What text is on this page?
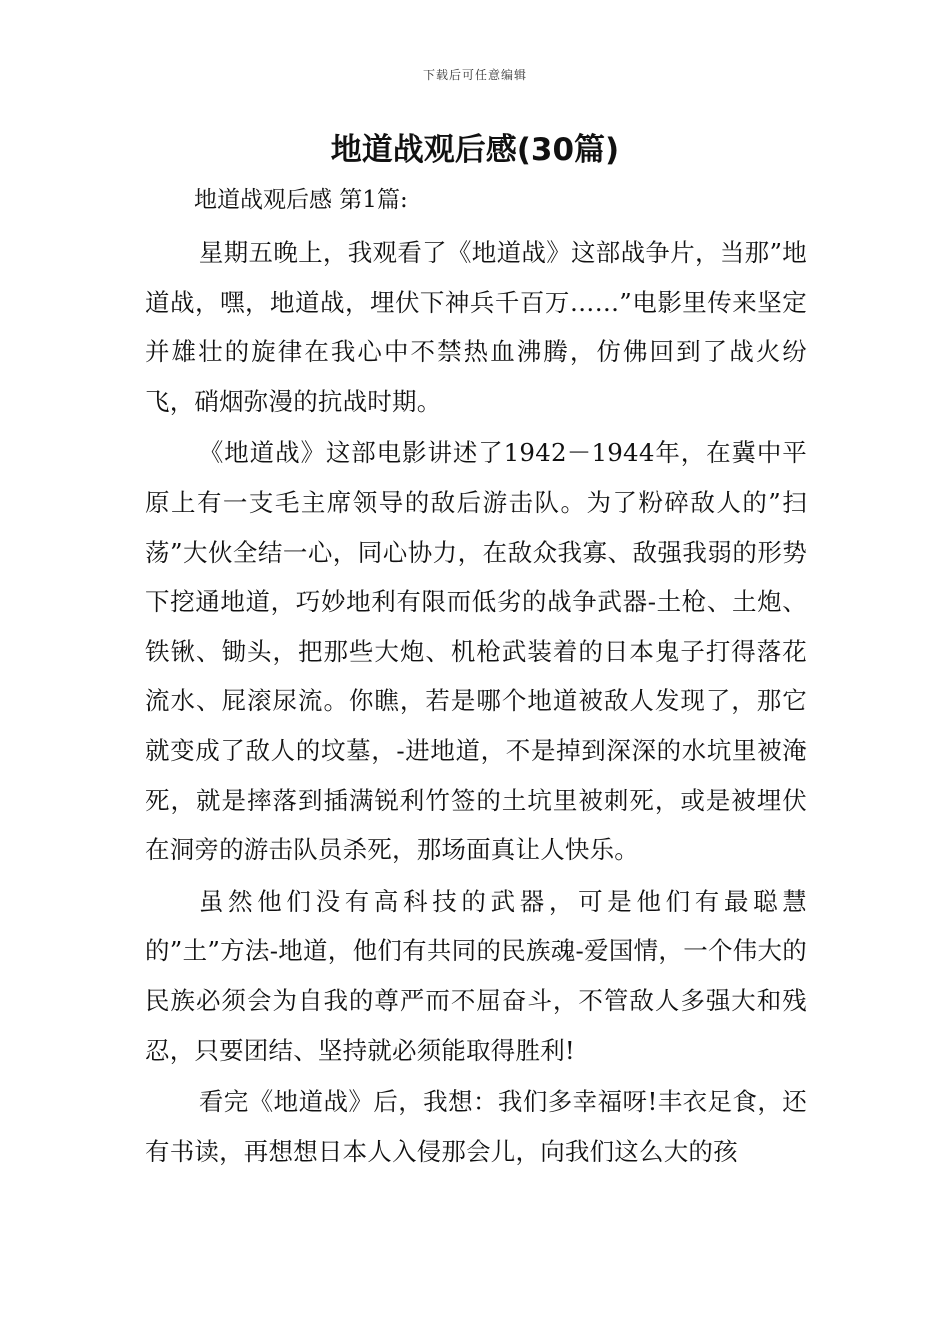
下载后可任意编辑
地道战观后感(30篇)
地道战观后感 第1篇:

星期五晚上，我观看了《地道战》这部战争片，当那”地道战，嘿，地道战，埋伏下神兵千百万……”电影里传来坚定并雄壮的旋律在我心中不禁热血沸腾，仿佛回到了战火纷飞，硝烟弥漫的抗战时期。

《地道战》这部电影讲述了1942－1944年，在冀中平原上有一支毛主席领导的敌后游击队。为了粉碎敌人的”扫荡”大伙全结一心，同心协力，在敌众我寡、敌强我弱的形势下挖通地道，巧妙地利有限而低劣的战争武器-土枪、土炮、铁锹、锄头，把那些大炮、机枪武装着的日本鬼子打得落花流水、屁滚尿流。你瞧，若是哪个地道被敌人发现了，那它就变成了敌人的坟墓，-进地道，不是掉到深深的水坑里被淹死，就是摔落到插满锐利竹签的土坑里被刺死，或是被埋伏在洞旁的游击队员杀死，那场面真让人快乐。

虽然他们没有高科技的武器，可是他们有最聪慧的”土”方法-地道，他们有共同的民族魂-爱国情，一个伟大的民族必须会为自我的尊严而不屈奋斗，不管敌人多强大和残忍，只要团结、坚持就必须能取得胜利!

看完《地道战》后，我想：我们多幸福呀!丰衣足食，还有书读，再想想日本人入侵那会儿，向我们这么大的孩
